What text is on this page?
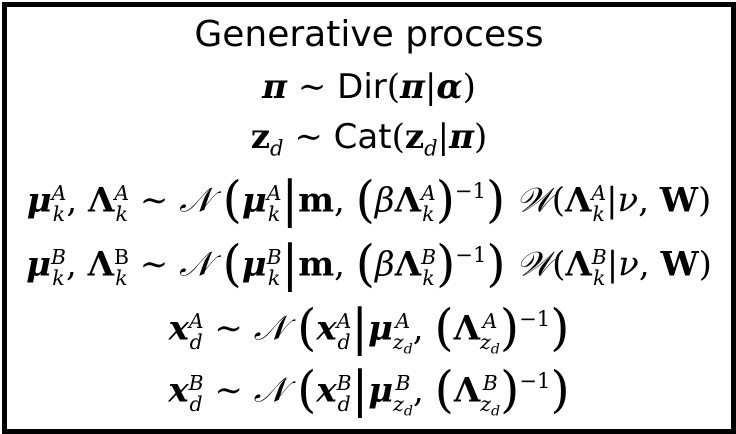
Generative process
π ∼ Dir(π|α)
$z_d$ ∼ $Cat(z_d|\pi)$
μ A
k , Λ A
k ∼ 𝒩 (μ A
k |m, (βΛ A
k )$^{-1}$) 𝒲(Λ A
k |ν, W)
μ B
k , Λ B
k ∼ 𝒩 (μ B
k |m, (βΛ B
k )$^{-1}$) 𝒲(Λ B
k |ν, W)
x A
d ∼ 𝒩 (x A
d |μ A
$z_d$
, (Λ A
$z_d$ )$^{-1}$)
x B
d ∼ 𝒩 (x B
d |μ B
$z_d$
, (Λ B
$z_d$ )$^{-1}$)
